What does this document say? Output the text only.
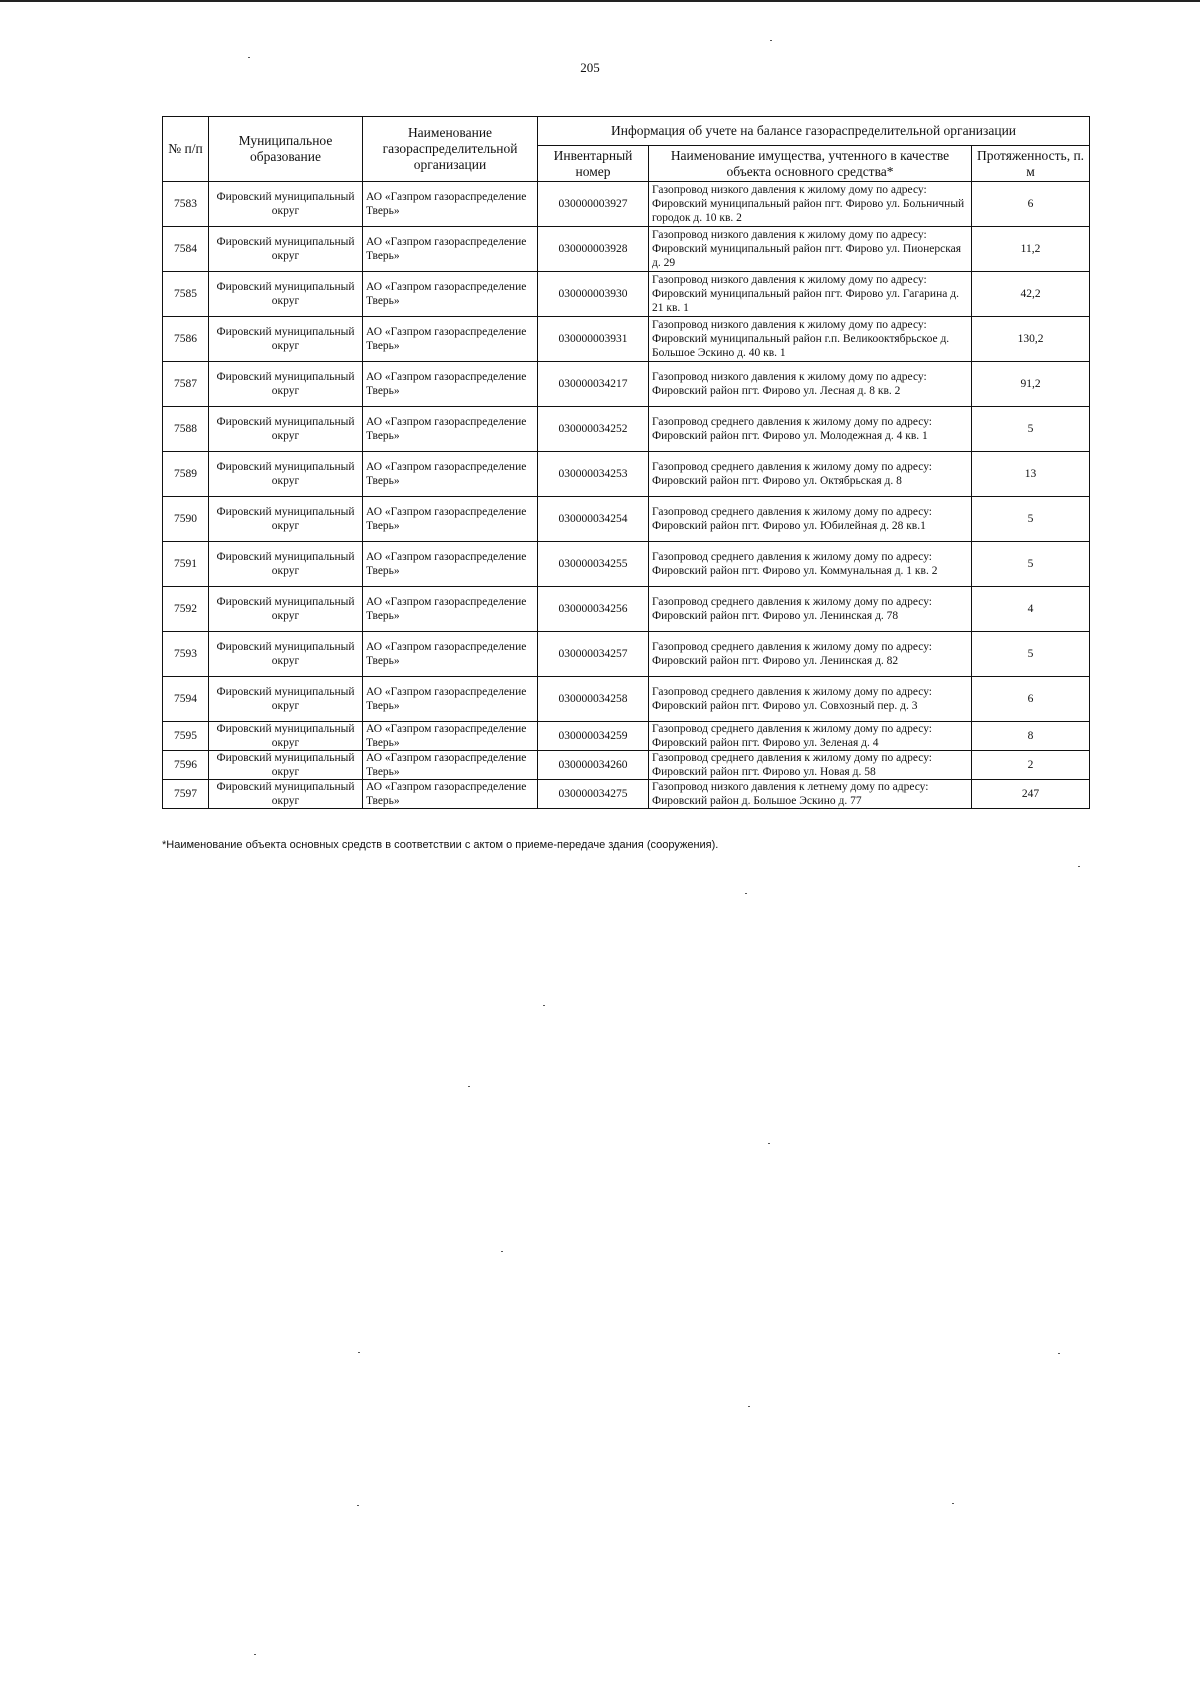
205
№ п/п	Муниципальное образование	Наименование газораспределительной организации	Информация об учете на балансе газораспределительной организации		
			Инвентарный номер	Наименование имущества, учтенного в качестве объекта основного средства*	Протяженность, п. м
7583	Фировский муниципальный округ	АО «Газпром газораспределение Тверь»	030000003927	Газопровод низкого давления к жилому дому по адресу: Фировский муниципальный район пгт. Фирово ул. Больничный городок д. 10 кв. 2	6
7584	Фировский муниципальный округ	АО «Газпром газораспределение Тверь»	030000003928	Газопровод низкого давления к жилому дому по адресу: Фировский муниципальный район пгт. Фирово ул. Пионерская д. 29	11,2
7585	Фировский муниципальный округ	АО «Газпром газораспределение Тверь»	030000003930	Газопровод низкого давления к жилому дому по адресу: Фировский муниципальный район пгт. Фирово ул. Гагарина д. 21 кв. 1	42,2
7586	Фировский муниципальный округ	АО «Газпром газораспределение Тверь»	030000003931	Газопровод низкого давления к жилому дому по адресу: Фировский муниципальный район г.п. Великооктябрьское д. Большое Эскино д. 40 кв. 1	130,2
7587	Фировский муниципальный округ	АО «Газпром газораспределение Тверь»	030000034217	Газопровод низкого давления к жилому дому по адресу: Фировский район пгт. Фирово ул. Лесная д. 8 кв. 2	91,2
7588	Фировский муниципальный округ	АО «Газпром газораспределение Тверь»	030000034252	Газопровод среднего давления к жилому дому по адресу: Фировский район пгт. Фирово ул. Молодежная д. 4 кв. 1	5
7589	Фировский муниципальный округ	АО «Газпром газораспределение Тверь»	030000034253	Газопровод среднего давления к жилому дому по адресу: Фировский район пгт. Фирово ул. Октябрьская д. 8	13
7590	Фировский муниципальный округ	АО «Газпром газораспределение Тверь»	030000034254	Газопровод среднего давления к жилому дому по адресу: Фировский район пгт. Фирово ул. Юбилейная д. 28 кв.1	5
7591	Фировский муниципальный округ	АО «Газпром газораспределение Тверь»	030000034255	Газопровод среднего давления к жилому дому по адресу: Фировский район пгт. Фирово ул. Коммунальная д. 1 кв. 2	5
7592	Фировский муниципальный округ	АО «Газпром газораспределение Тверь»	030000034256	Газопровод среднего давления к жилому дому по адресу: Фировский район пгт. Фирово ул. Ленинская д. 78	4
7593	Фировский муниципальный округ	АО «Газпром газораспределение Тверь»	030000034257	Газопровод среднего давления к жилому дому по адресу: Фировский район пгт. Фирово ул. Ленинская д. 82	5
7594	Фировский муниципальный округ	АО «Газпром газораспределение Тверь»	030000034258	Газопровод среднего давления к жилому дому по адресу: Фировский район пгт. Фирово ул. Совхозный пер. д. 3	6
7595	Фировский муниципальный округ	АО «Газпром газораспределение Тверь»	030000034259	Газопровод среднего давления к жилому дому по адресу: Фировский район пгт. Фирово ул. Зеленая д. 4	8
7596	Фировский муниципальный округ	АО «Газпром газораспределение Тверь»	030000034260	Газопровод среднего давления к жилому дому по адресу: Фировский район пгт. Фирово ул. Новая д. 58	2
7597	Фировский муниципальный округ	АО «Газпром газораспределение Тверь»	030000034275	Газопровод низкого давления к летнему дому по адресу: Фировский район д. Большое Эскино д. 77	247
*Наименование объекта основных средств в соответствии с актом о приеме-передаче здания (сооружения).
